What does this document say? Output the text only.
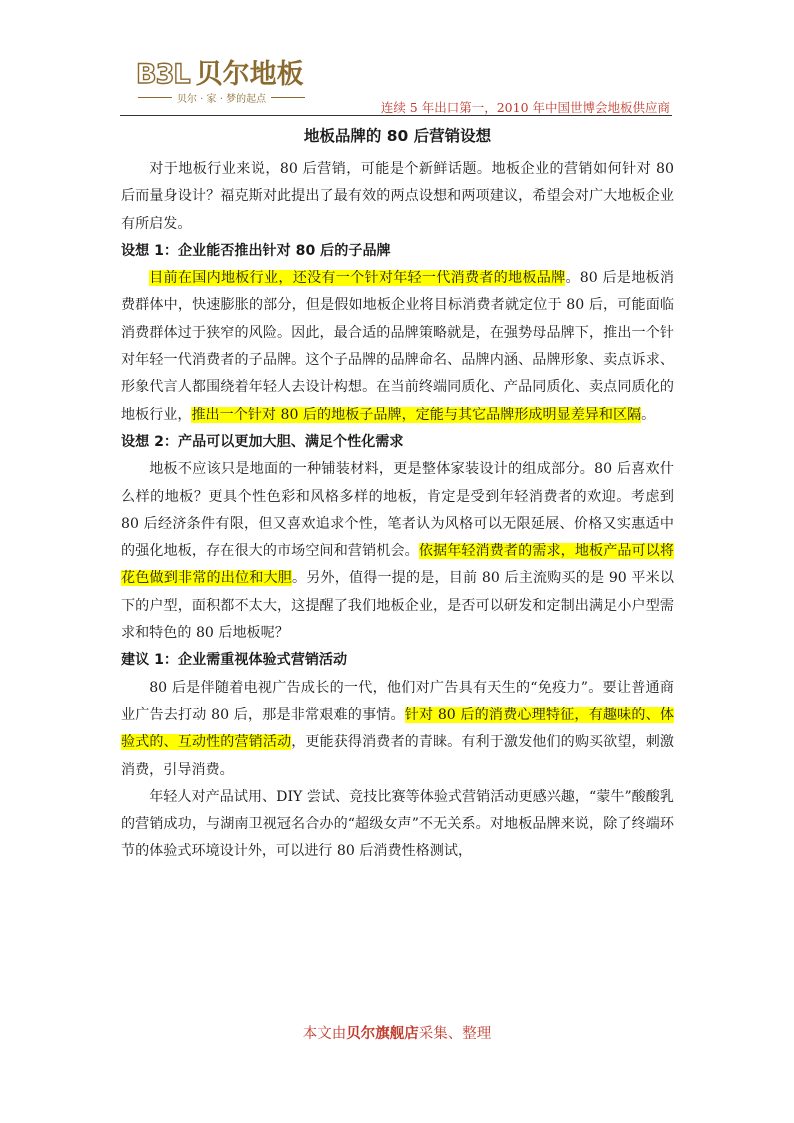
B3L 贝尔地板
贝尔 · 家 · 梦的起点
连续 5 年出口第一，2010 年中国世博会地板供应商
地板品牌的 80 后营销设想

对于地板行业来说，80 后营销，可能是个新鲜话题。地板企业的营销如何针对 80 后而量身设计？福克斯对此提出了最有效的两点设想和两项建议，希望会对广大地板企业有所启发。

设想 1：企业能否推出针对 80 后的子品牌

目前在国内地板行业，还没有一个针对年轻一代消费者的地板品牌。80 后是地板消费群体中，快速膨胀的部分，但是假如地板企业将目标消费者就定位于 80 后，可能面临消费群体过于狭窄的风险。因此，最合适的品牌策略就是，在强势母品牌下，推出一个针对年轻一代消费者的子品牌。这个子品牌的品牌命名、品牌内涵、品牌形象、卖点诉求、形象代言人都围绕着年轻人去设计构想。在当前终端同质化、产品同质化、卖点同质化的地板行业，推出一个针对 80 后的地板子品牌，定能与其它品牌形成明显差异和区隔。

设想 2：产品可以更加大胆、满足个性化需求

地板不应该只是地面的一种铺装材料，更是整体家装设计的组成部分。80 后喜欢什么样的地板？更具个性色彩和风格多样的地板，肯定是受到年轻消费者的欢迎。考虑到 80 后经济条件有限，但又喜欢追求个性，笔者认为风格可以无限延展、价格又实惠适中的强化地板，存在很大的市场空间和营销机会。依据年轻消费者的需求，地板产品可以将花色做到非常的出位和大胆。另外，值得一提的是，目前 80 后主流购买的是 90 平米以下的户型，面积都不太大，这提醒了我们地板企业，是否可以研发和定制出满足小户型需求和特色的 80 后地板呢？

建议 1：企业需重视体验式营销活动

80 后是伴随着电视广告成长的一代，他们对广告具有天生的“免疫力”。要让普通商业广告去打动 80 后，那是非常艰难的事情。针对 80 后的消费心理特征，有趣味的、体验式的、互动性的营销活动，更能获得消费者的青睐。有利于激发他们的购买欲望，刺激消费，引导消费。

年轻人对产品试用、DIY 尝试、竞技比赛等体验式营销活动更感兴趣，“蒙牛”酸酸乳的营销成功，与湖南卫视冠名合办的“超级女声”不无关系。对地板品牌来说，除了终端环节的体验式环境设计外，可以进行 80 后消费性格测试，

本文由贝尔旗舰店采集、整理
